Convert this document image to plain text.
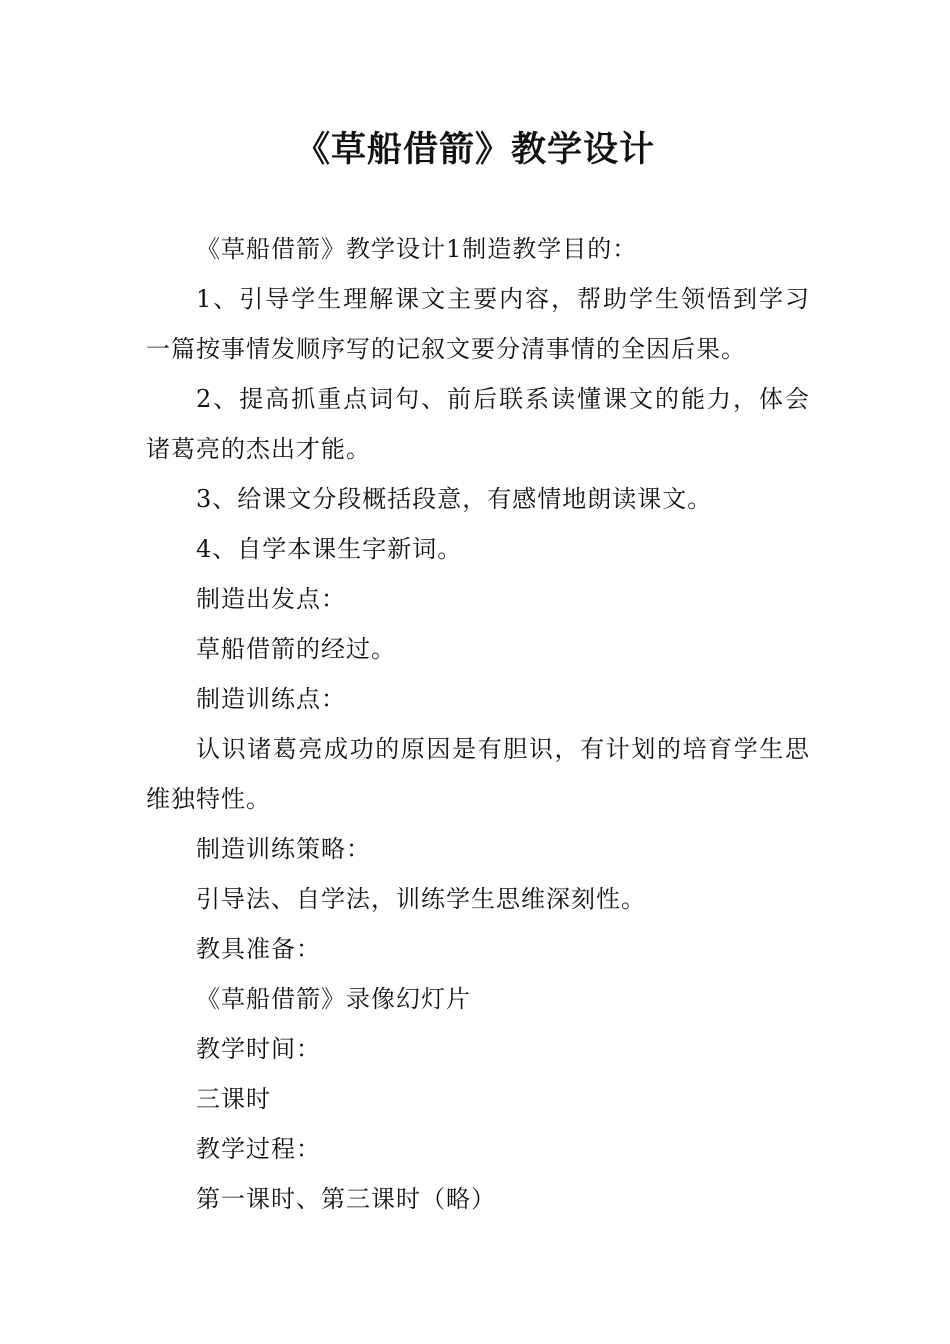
《草船借箭》教学设计

《草船借箭》教学设计1制造教学目的：

1、引导学生理解课文主要内容，帮助学生领悟到学习一篇按事情发顺序写的记叙文要分清事情的全因后果。

2、提高抓重点词句、前后联系读懂课文的能力，体会诸葛亮的杰出才能。

3、给课文分段概括段意，有感情地朗读课文。

4、自学本课生字新词。

制造出发点：

草船借箭的经过。

制造训练点：

认识诸葛亮成功的原因是有胆识，有计划的培育学生思维独特性。

制造训练策略：

引导法、自学法，训练学生思维深刻性。

教具准备：

《草船借箭》录像幻灯片

教学时间：

三课时

教学过程：

第一课时、第三课时（略）
